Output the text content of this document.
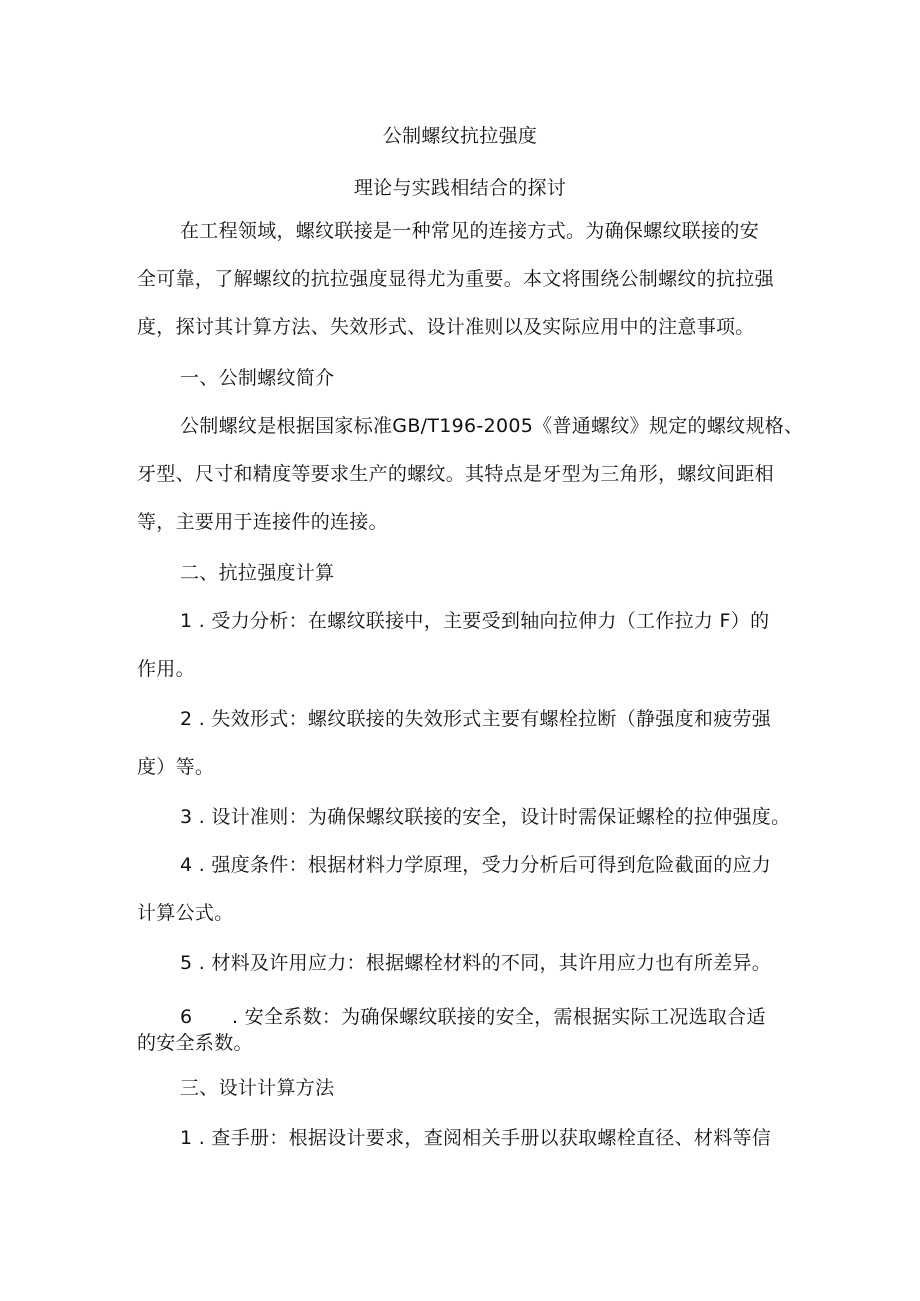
公制螺纹抗拉强度
理论与实践相结合的探讨
在工程领域，螺纹联接是一种常见的连接方式。为确保螺纹联接的安
全可靠，了解螺纹的抗拉强度显得尤为重要。本文将围绕公制螺纹的抗拉强
度，探讨其计算方法、失效形式、设计准则以及实际应用中的注意事项。
一、公制螺纹简介
公制螺纹是根据国家标准GB/T196-2005《普通螺纹》规定的螺纹规格、
牙型、尺寸和精度等要求生产的螺纹。其特点是牙型为三角形，螺纹间距相
等，主要用于连接件的连接。
二、抗拉强度计算
1 . 受力分析：在螺纹联接中，主要受到轴向拉伸力（工作拉力 F）的
作用。
2 . 失效形式：螺纹联接的失效形式主要有螺栓拉断（静强度和疲劳强
度）等。
3 . 设计准则：为确保螺纹联接的安全，设计时需保证螺栓的拉伸强度。
4 . 强度条件：根据材料力学原理，受力分析后可得到危险截面的应力
计算公式。
5 . 材料及许用应力：根据螺栓材料的不同，其许用应力也有所差异。
6 . 安全系数：为确保螺纹联接的安全，需根据实际工况选取合适
的安全系数。
三、设计计算方法
1 . 查手册：根据设计要求，查阅相关手册以获取螺栓直径、材料等信
